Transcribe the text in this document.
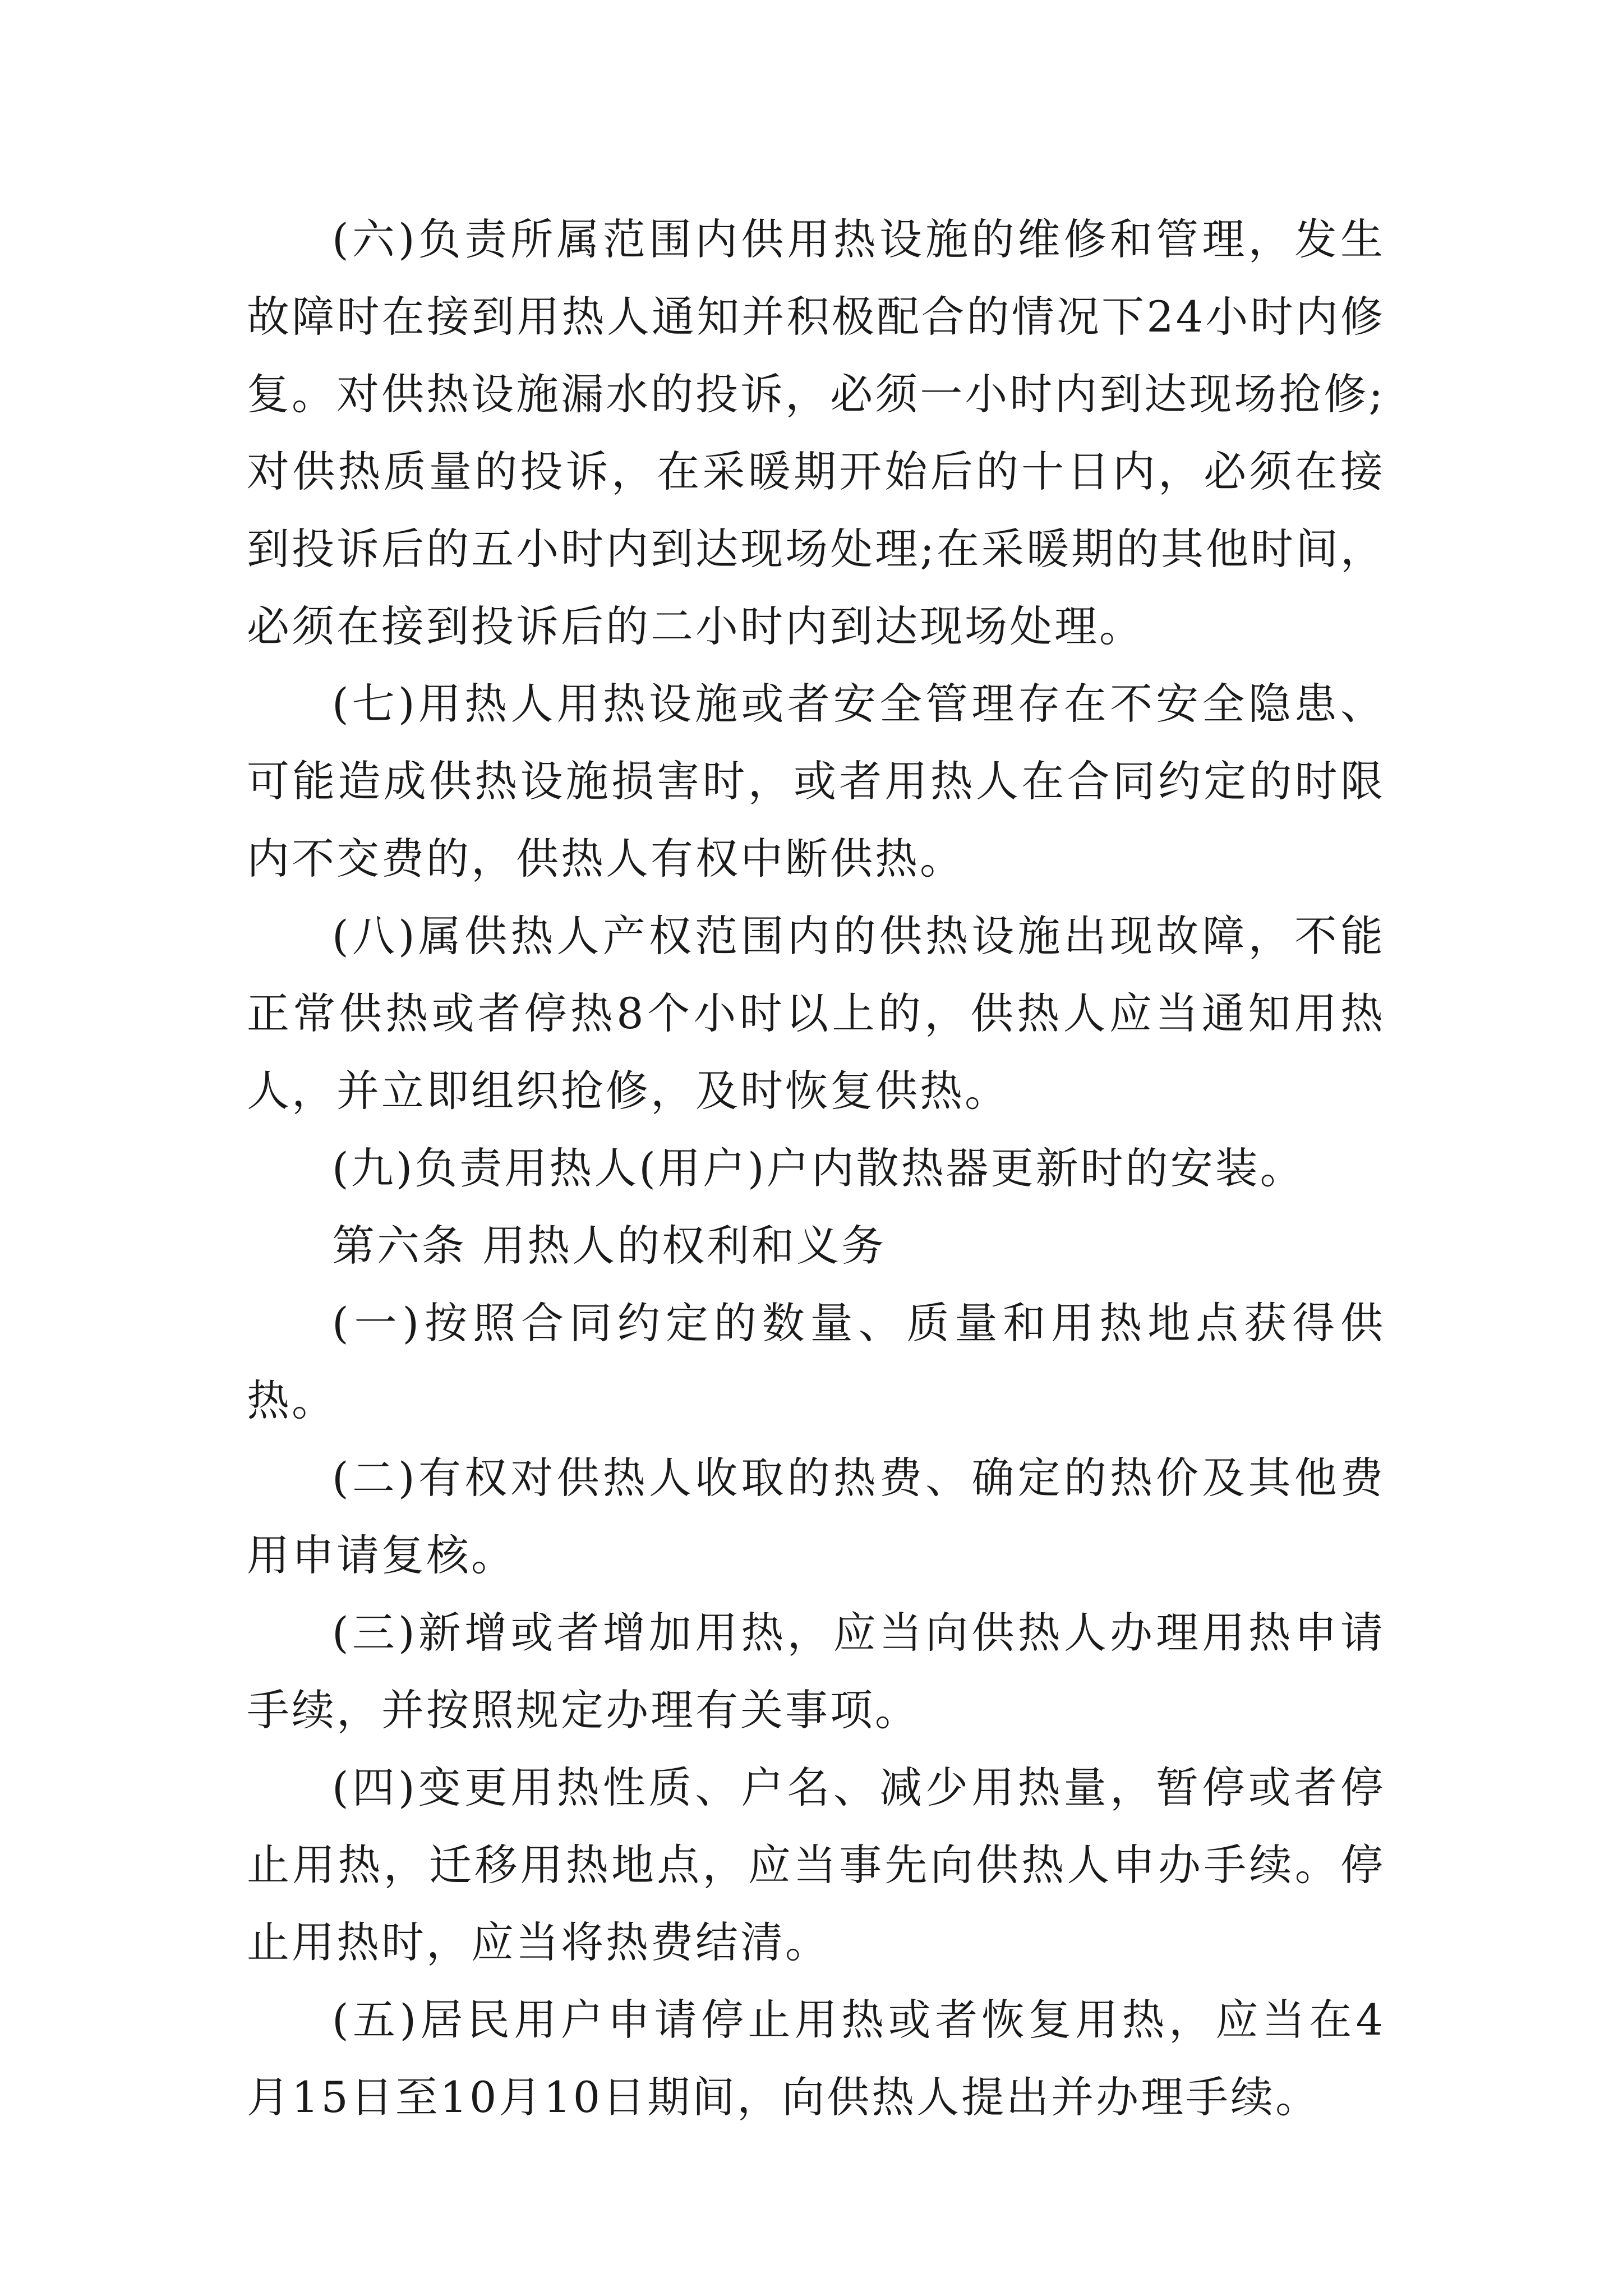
(六)负责所属范围内供用热设施的维修和管理，发生故障时在接到用热人通知并积极配合的情况下24小时内修复。对供热设施漏水的投诉，必须一小时内到达现场抢修;对供热质量的投诉，在采暖期开始后的十日内，必须在接到投诉后的五小时内到达现场处理;在采暖期的其他时间，必须在接到投诉后的二小时内到达现场处理。

(七)用热人用热设施或者安全管理存在不安全隐患、可能造成供热设施损害时，或者用热人在合同约定的时限内不交费的，供热人有权中断供热。

(八)属供热人产权范围内的供热设施出现故障，不能正常供热或者停热8个小时以上的，供热人应当通知用热人，并立即组织抢修，及时恢复供热。

(九)负责用热人(用户)户内散热器更新时的安装。

第六条 用热人的权利和义务

(一)按照合同约定的数量、质量和用热地点获得供热。

(二)有权对供热人收取的热费、确定的热价及其他费用申请复核。

(三)新增或者增加用热，应当向供热人办理用热申请手续，并按照规定办理有关事项。

(四)变更用热性质、户名、减少用热量，暂停或者停止用热，迁移用热地点，应当事先向供热人申办手续。停止用热时，应当将热费结清。

(五)居民用户申请停止用热或者恢复用热，应当在4月15日至10月10日期间，向供热人提出并办理手续。
